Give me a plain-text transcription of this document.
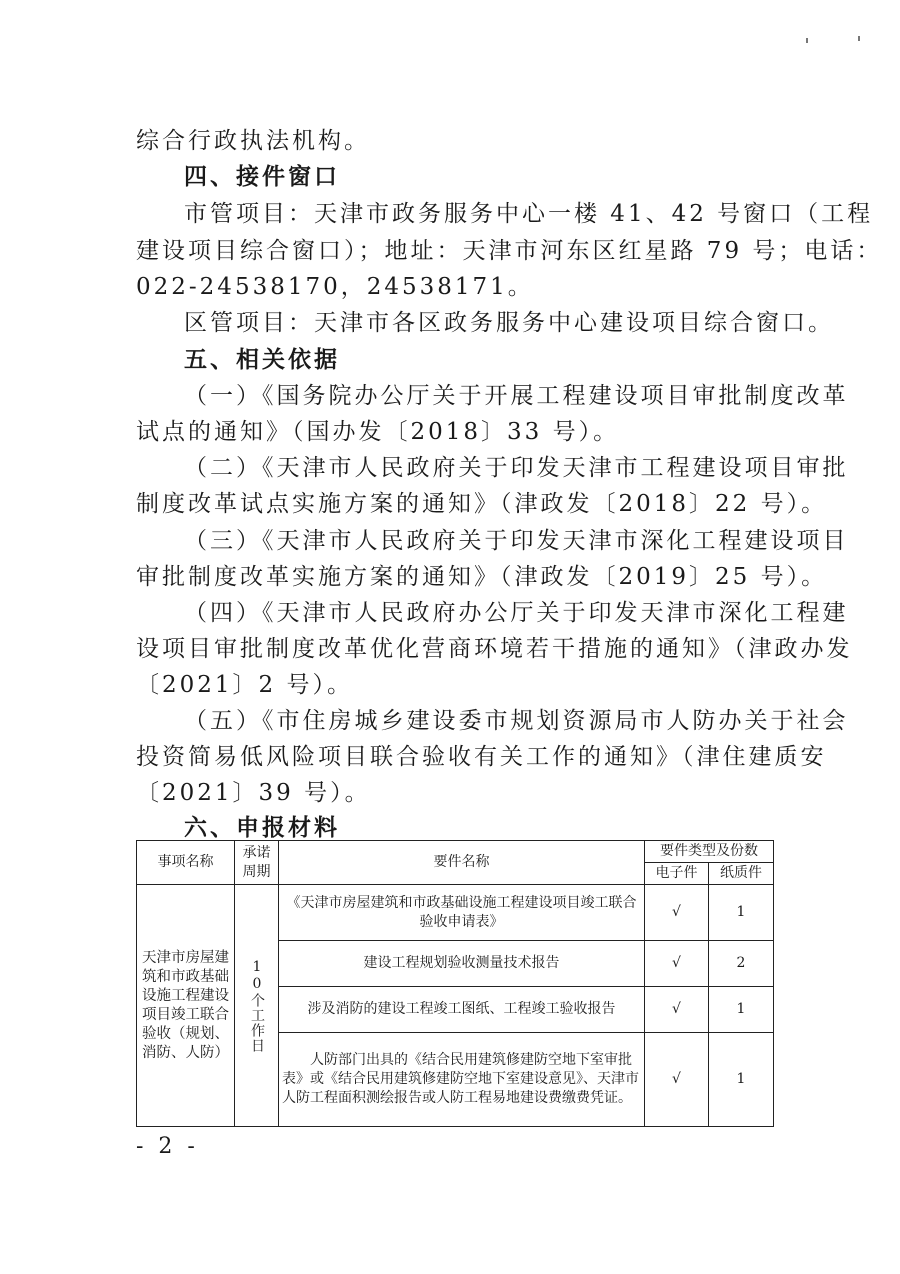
综合行政执法机构。
四、接件窗口
市管项目：天津市政务服务中心一楼 41、42 号窗口（工程
建设项目综合窗口）；地址：天津市河东区红星路 79 号；电话：
022-24538170，24538171。
区管项目：天津市各区政务服务中心建设项目综合窗口。
五、相关依据
（一）《国务院办公厅关于开展工程建设项目审批制度改革
试点的通知》（国办发〔2018〕33 号）。
（二）《天津市人民政府关于印发天津市工程建设项目审批
制度改革试点实施方案的通知》（津政发〔2018〕22 号）。
（三）《天津市人民政府关于印发天津市深化工程建设项目
审批制度改革实施方案的通知》（津政发〔2019〕25 号）。
（四）《天津市人民政府办公厅关于印发天津市深化工程建
设项目审批制度改革优化营商环境若干措施的通知》（津政办发
〔2021〕2 号）。
（五）《市住房城乡建设委市规划资源局市人防办关于社会
投资简易低风险项目联合验收有关工作的通知》（津住建质安
〔2021〕39 号）。
六、申报材料
事项名称	承诺周期	要件名称	要件类型及份数	
			电子件	纸质件
天津市房屋建筑和市政基础设施工程建设项目竣工联合验收（规划、消防、人防）	10个工作日	《天津市房屋建筑和市政基础设施工程建设项目竣工联合验收申请表》	√	1
		建设工程规划验收测量技术报告	√	2
		涉及消防的建设工程竣工图纸、工程竣工验收报告	√	1
		人防部门出具的《结合民用建筑修建防空地下室审批表》或《结合民用建筑修建防空地下室建设意见》、天津市人防工程面积测绘报告或人防工程易地建设费缴费凭证。	√	1
- 2 -
